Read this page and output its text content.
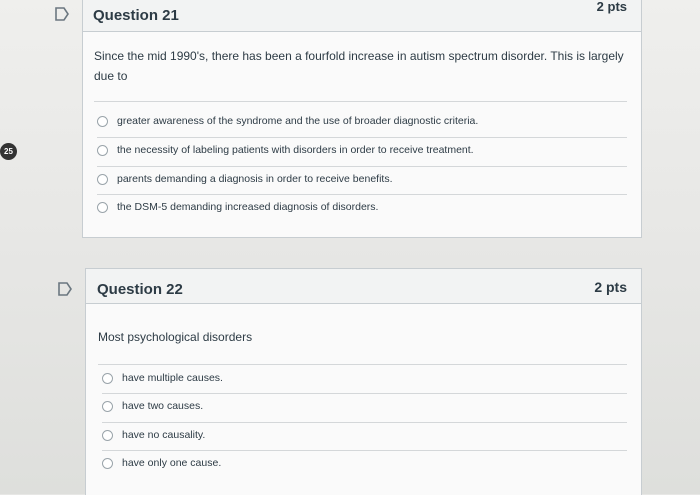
25
Question 21
2 pts
Since the mid 1990's, there has been a fourfold increase in autism spectrum disorder. This is largely due to
greater awareness of the syndrome and the use of broader diagnostic criteria.
the necessity of labeling patients with disorders in order to receive treatment.
parents demanding a diagnosis in order to receive benefits.
the DSM-5 demanding increased diagnosis of disorders.
Question 22	2 pts
Most psychological disorders
have multiple causes.
have two causes.
have no causality.
have only one cause.
